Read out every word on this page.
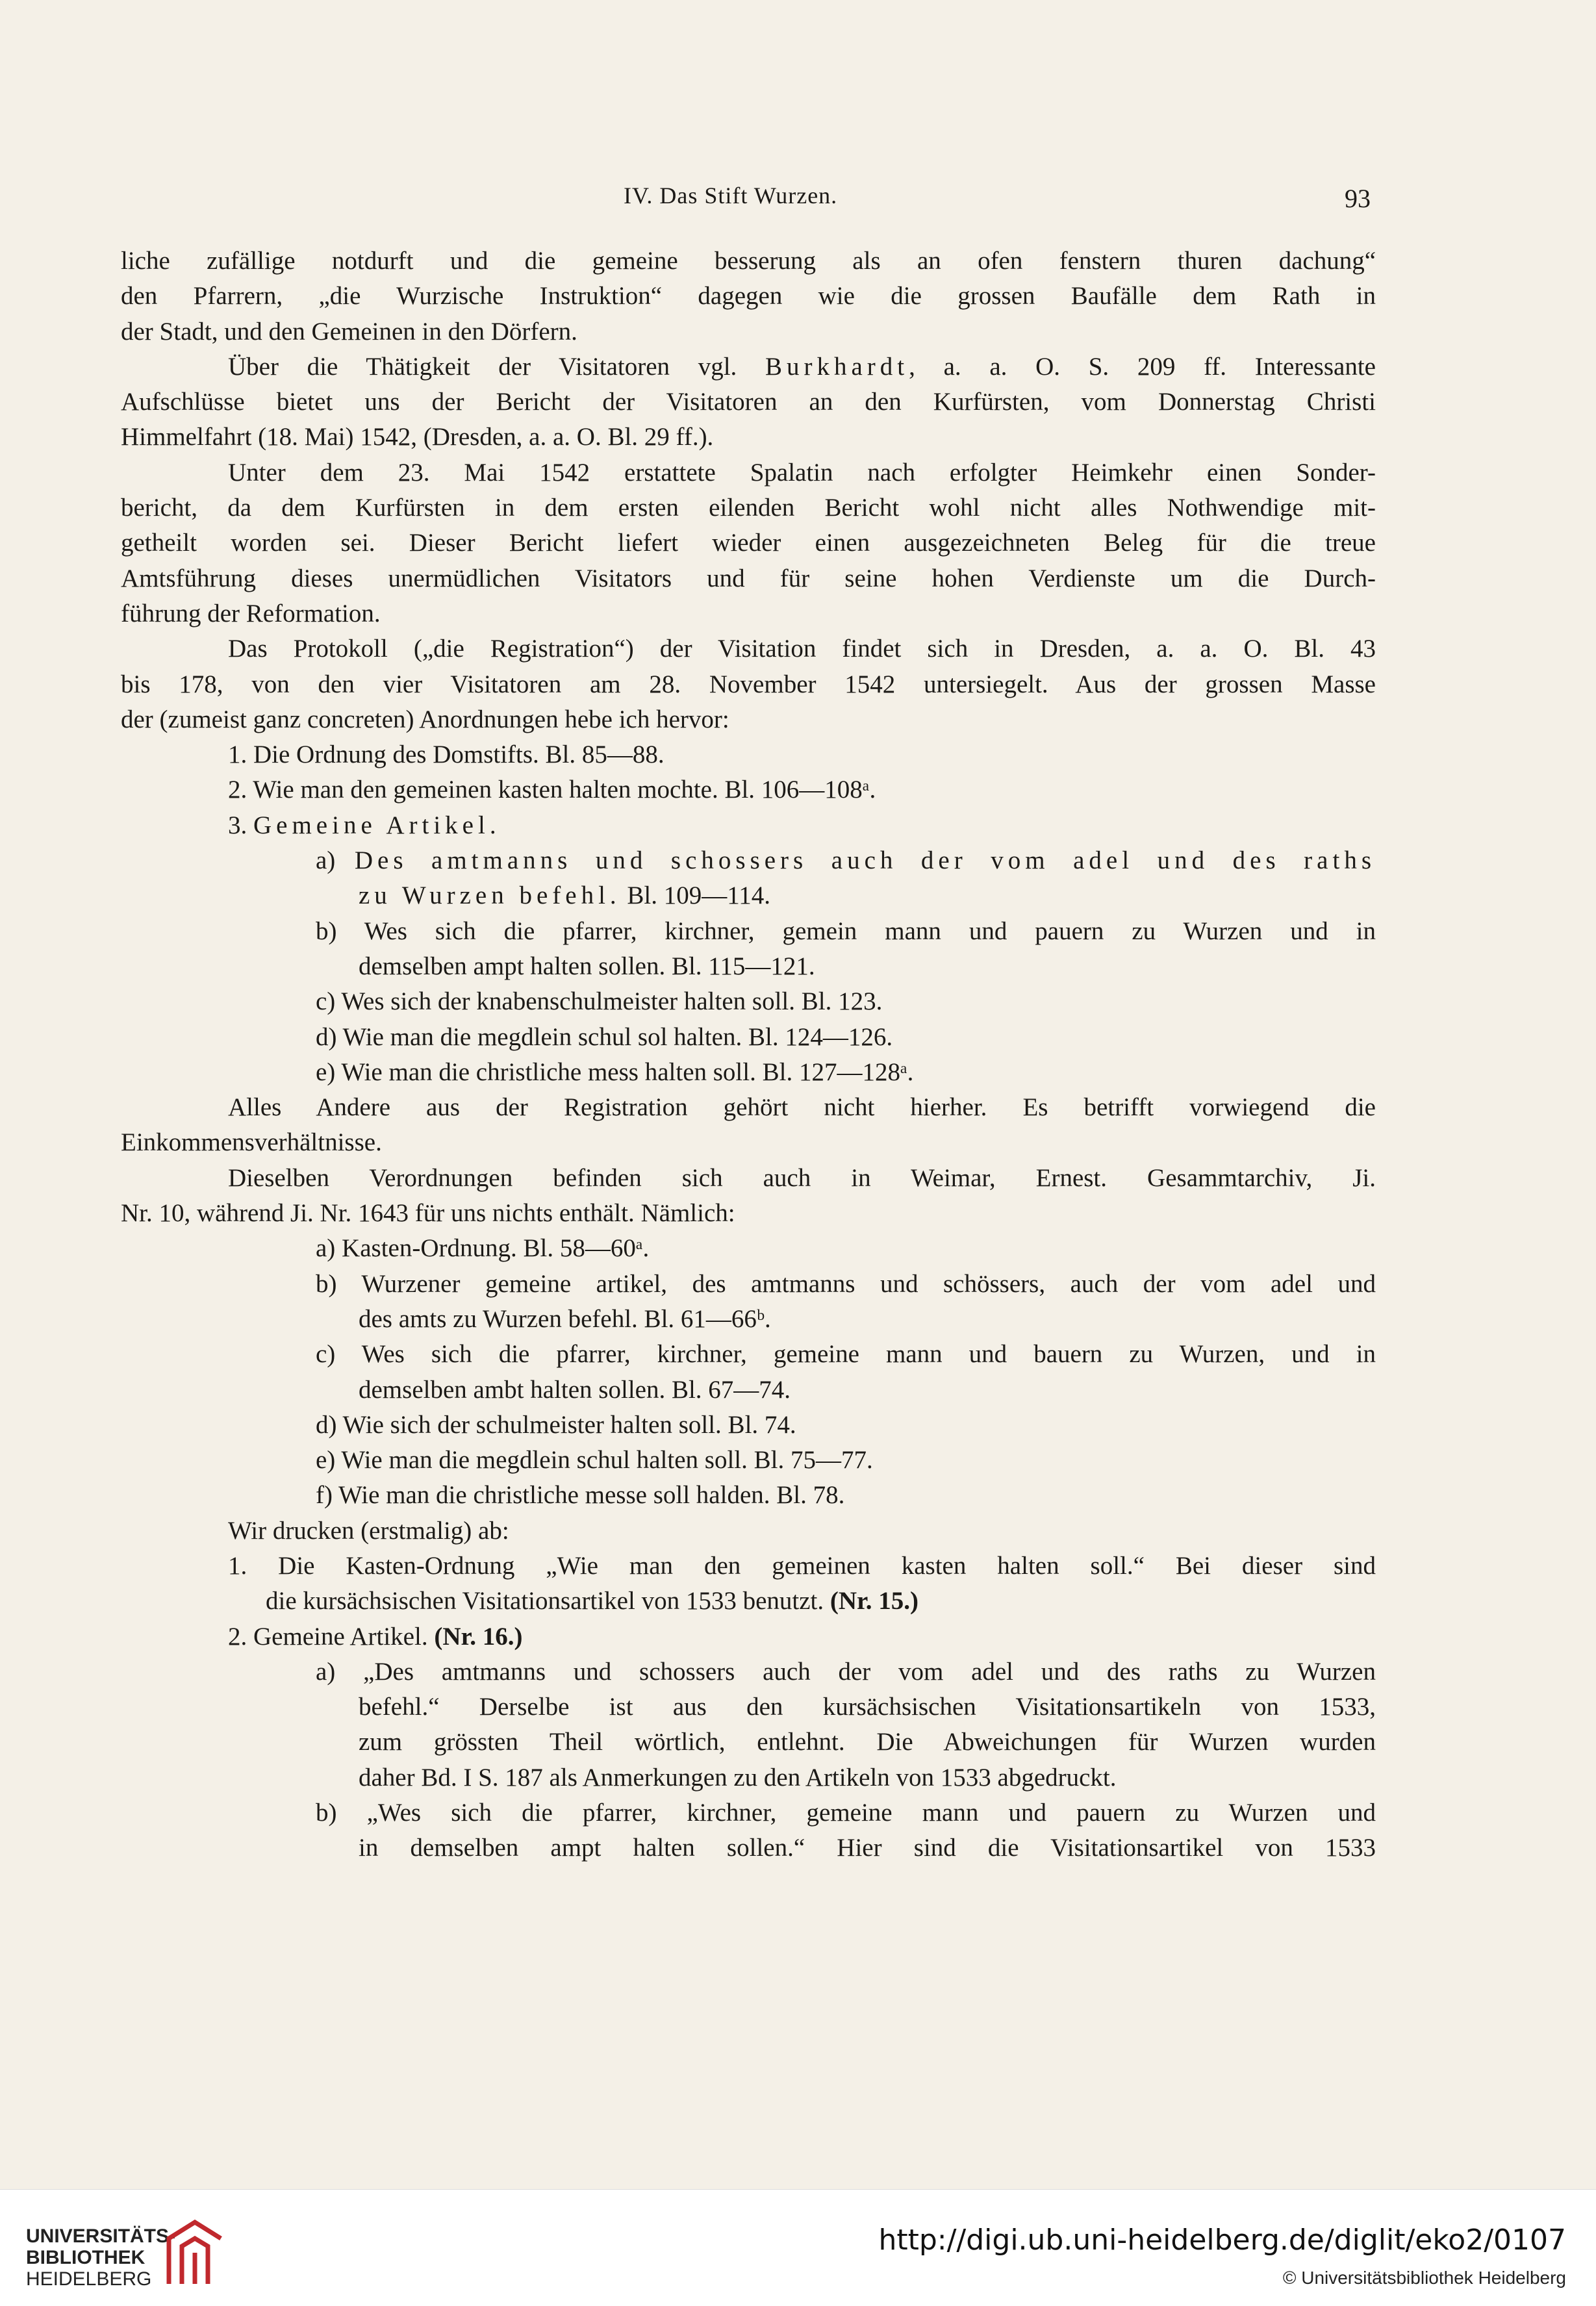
IV. Das Stift Wurzen.	93
liche zufällige notdurft und die gemeine besserung als an ofen fenstern thuren dachung“
den Pfarrern, „die Wurzische Instruktion“ dagegen wie die grossen Baufälle dem Rath in
der Stadt, und den Gemeinen in den Dörfern.
Über die Thätigkeit der Visitatoren vgl. Burkhardt, a. a. O. S. 209 ff. Interessante
Aufschlüsse bietet uns der Bericht der Visitatoren an den Kurfürsten, vom Donnerstag Christi
Himmelfahrt (18. Mai) 1542, (Dresden, a. a. O. Bl. 29 ff.).
Unter dem 23. Mai 1542 erstattete Spalatin nach erfolgter Heimkehr einen Sonder-
bericht, da dem Kurfürsten in dem ersten eilenden Bericht wohl nicht alles Nothwendige mit-
getheilt worden sei. Dieser Bericht liefert wieder einen ausgezeichneten Beleg für die treue
Amtsführung dieses unermüdlichen Visitators und für seine hohen Verdienste um die Durch-
führung der Reformation.
Das Protokoll („die Registration“) der Visitation findet sich in Dresden, a. a. O. Bl. 43
bis 178, von den vier Visitatoren am 28. November 1542 untersiegelt. Aus der grossen Masse
der (zumeist ganz concreten) Anordnungen hebe ich hervor:
1. Die Ordnung des Domstifts. Bl. 85—88.
2. Wie man den gemeinen kasten halten mochte. Bl. 106—108ᵃ.
3. Gemeine Artikel.
a) Des amtmanns und schossers auch der vom adel und des raths
zu Wurzen befehl. Bl. 109—114.
b) Wes sich die pfarrer, kirchner, gemein mann und pauern zu Wurzen und in
demselben ampt halten sollen. Bl. 115—121.
c) Wes sich der knabenschulmeister halten soll. Bl. 123.
d) Wie man die megdlein schul sol halten. Bl. 124—126.
e) Wie man die christliche mess halten soll. Bl. 127—128ᵃ.
Alles Andere aus der Registration gehört nicht hierher. Es betrifft vorwiegend die
Einkommensverhältnisse.
Dieselben Verordnungen befinden sich auch in Weimar, Ernest. Gesammtarchiv, Ji.
Nr. 10, während Ji. Nr. 1643 für uns nichts enthält. Nämlich:
a) Kasten-Ordnung. Bl. 58—60ᵃ.
b) Wurzener gemeine artikel, des amtmanns und schössers, auch der vom adel und
des amts zu Wurzen befehl. Bl. 61—66ᵇ.
c) Wes sich die pfarrer, kirchner, gemeine mann und bauern zu Wurzen, und in
demselben ambt halten sollen. Bl. 67—74.
d) Wie sich der schulmeister halten soll. Bl. 74.
e) Wie man die megdlein schul halten soll. Bl. 75—77.
f) Wie man die christliche messe soll halden. Bl. 78.
Wir drucken (erstmalig) ab:
1. Die Kasten-Ordnung „Wie man den gemeinen kasten halten soll.“ Bei dieser sind
die kursächsischen Visitationsartikel von 1533 benutzt. (Nr. 15.)
2. Gemeine Artikel. (Nr. 16.)
a) „Des amtmanns und schossers auch der vom adel und des raths zu Wurzen
befehl.“ Derselbe ist aus den kursächsischen Visitationsartikeln von 1533,
zum grössten Theil wörtlich, entlehnt. Die Abweichungen für Wurzen wurden
daher Bd. I S. 187 als Anmerkungen zu den Artikeln von 1533 abgedruckt.
b) „Wes sich die pfarrer, kirchner, gemeine mann und pauern zu Wurzen und
in demselben ampt halten sollen.“ Hier sind die Visitationsartikel von 1533
UNIVERSITÄTS-
BIBLIOTHEK
HEIDELBERG
http://digi.ub.uni-heidelberg.de/diglit/eko2/0107
© Universitätsbibliothek Heidelberg
